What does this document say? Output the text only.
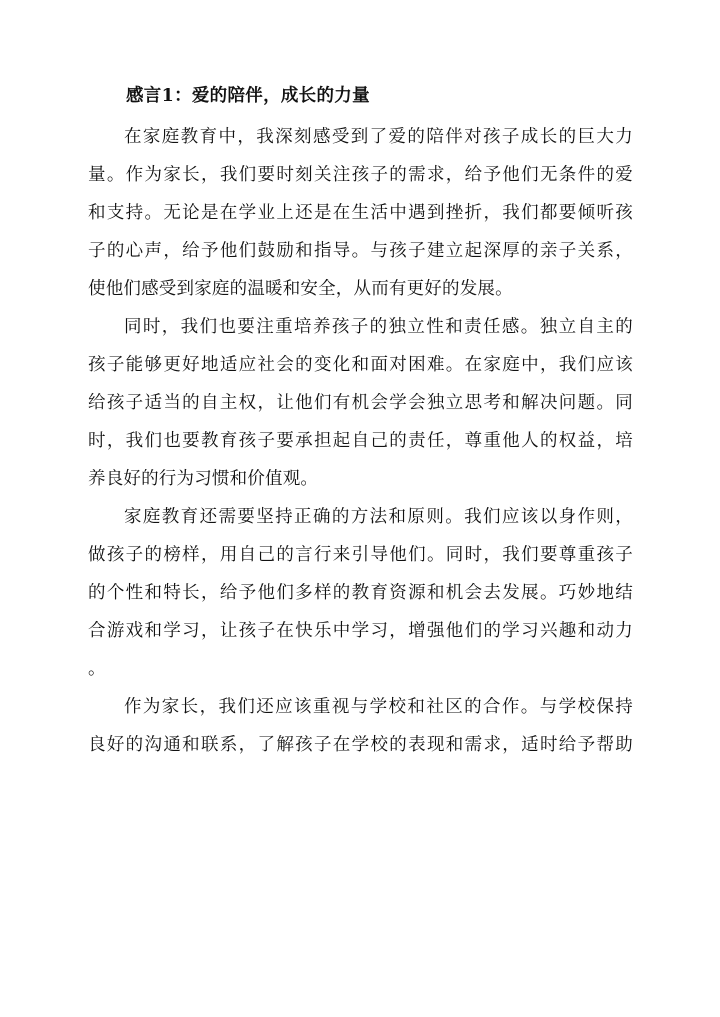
感言1：爱的陪伴，成长的力量
在家庭教育中，我深刻感受到了爱的陪伴对孩子成长的巨大力
量。作为家长，我们要时刻关注孩子的需求，给予他们无条件的爱
和支持。无论是在学业上还是在生活中遇到挫折，我们都要倾听孩
子的心声，给予他们鼓励和指导。与孩子建立起深厚的亲子关系，
使他们感受到家庭的温暖和安全，从而有更好的发展。
同时，我们也要注重培养孩子的独立性和责任感。独立自主的
孩子能够更好地适应社会的变化和面对困难。在家庭中，我们应该
给孩子适当的自主权，让他们有机会学会独立思考和解决问题。同
时，我们也要教育孩子要承担起自己的责任，尊重他人的权益，培
养良好的行为习惯和价值观。
家庭教育还需要坚持正确的方法和原则。我们应该以身作则，
做孩子的榜样，用自己的言行来引导他们。同时，我们要尊重孩子
的个性和特长，给予他们多样的教育资源和机会去发展。巧妙地结
合游戏和学习，让孩子在快乐中学习，增强他们的学习兴趣和动力
。
作为家长，我们还应该重视与学校和社区的合作。与学校保持
良好的沟通和联系，了解孩子在学校的表现和需求，适时给予帮助
